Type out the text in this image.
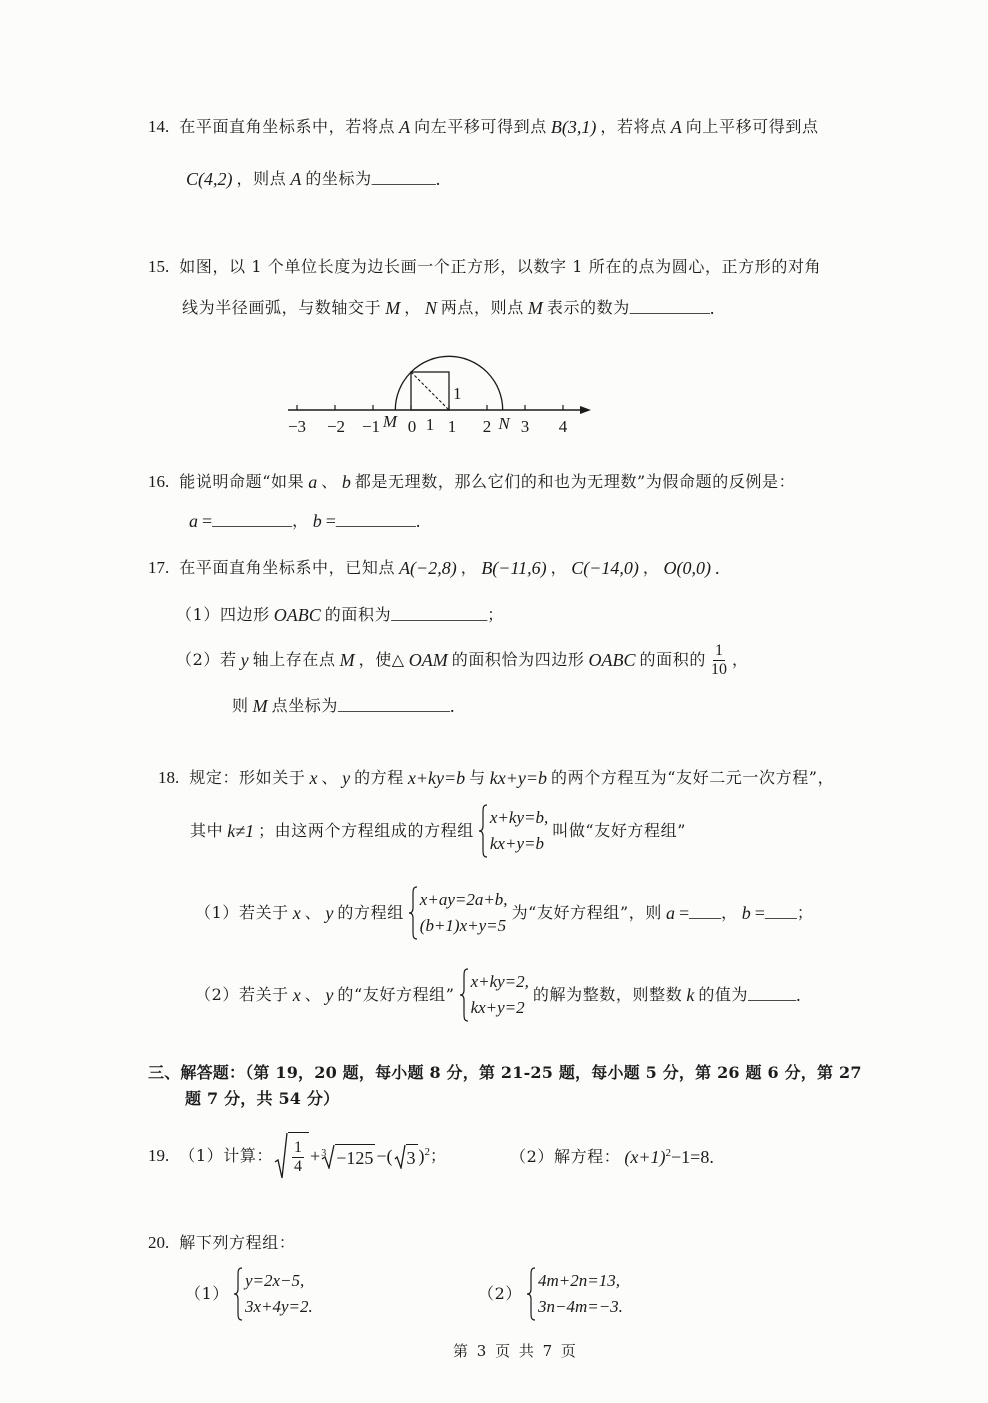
14. 在平面直角坐标系中，若将点 A 向左平移可得到点 B(3,1) ，若将点 A 向上平移可得到点
C(4,2) ，则点 A 的坐标为 ________ .
15. 如图，以 1 个单位长度为边长画一个正方形，以数字 1 所在的点为圆心，正方形的对角
线为半径画弧，与数轴交于 M ， N 两点，则点 M 表示的数为 __________ .
1
−3 −2 −1 M 0 1 1 2 N 3 4
16. 能说明命题“如果 a 、 b 都是无理数，那么它们的和也为无理数”为假命题的反例是：
a = __________ ， b = __________ .
17. 在平面直角坐标系中，已知点 A(−2,8) ， B(−11,6) ， C(−14,0) ， O(0,0) .
（1）四边形 OABC 的面积为 ____________ ；
（2）若 y 轴上存在点 M ，使△ OAM 的面积恰为四边形 OABC 的面积的 $\frac{1}{10}$ ，
则 M 点坐标为 ______________ .
18. 规定：形如关于 x 、 y 的方程 x+ky=b 与 kx+y=b 的两个方程互为“友好二元一次方程”，
其中 k≠1 ；由这两个方程组成的方程组
x+ky=b,
kx+y=b
叫做“友好方程组”
（1）若关于 x 、 y 的方程组
x+ay=2a+b,
(b+1)x+y=5
为“友好方程组”，则 a = ____ ， b = ____ ；
（2）若关于 x 、 y 的“友好方程组”
x+ky=2,
kx+y=2
的解为整数，则整数 k 的值为 ______ .
三、解答题：（第 19，20 题，每小题 8 分，第 21-25 题，每小题 5 分，第 26 题 6 分，第 27
题 7 分，共 54 分）
19. （1）计算： $\frac{1}{4} + 3 -125$ −( 3 ) 2 ；	（2）解方程： (x+1) 2 −1=8 .
20. 解下列方程组：
（1）
y=2x−5,
3x+4y=2.
（2）
4m+2n=13,
3n−4m=−3.
第 3 页 共 7 页
